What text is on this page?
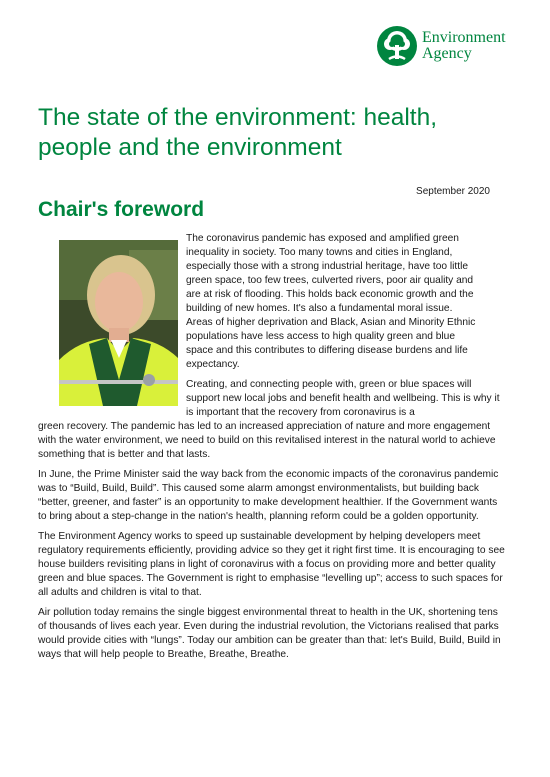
Environment
Agency
The state of the environment: health, people and the environment
September 2020
Chair's foreword

The coronavirus pandemic has exposed and amplified green inequality in society. Too many towns and cities in England, especially those with a strong industrial heritage, have too little green space, too few trees, culverted rivers, poor air quality and are at risk of flooding. This holds back economic growth and the building of new homes. It's also a fundamental moral issue. Areas of higher deprivation and Black, Asian and Minority Ethnic populations have less access to high quality green and blue space and this contributes to differing disease burdens and life expectancy.

Creating, and connecting people with, green or blue spaces will support new local jobs and benefit health and wellbeing. This is why it is important that the recovery from coronavirus is a
green recovery. The pandemic has led to an increased appreciation of nature and more engagement with the water environment, we need to build on this revitalised interest in the natural world to achieve something that is better and that lasts.

In June, the Prime Minister said the way back from the economic impacts of the coronavirus pandemic was to “Build, Build, Build”. This caused some alarm amongst environmentalists, but building back “better, greener, and faster” is an opportunity to make development healthier. If the Government wants to bring about a step-change in the nation's health, planning reform could be a golden opportunity.

The Environment Agency works to speed up sustainable development by helping developers meet regulatory requirements efficiently, providing advice so they get it right first time. It is encouraging to see house builders revisiting plans in light of coronavirus with a focus on providing more and better quality green and blue spaces. The Government is right to emphasise “levelling up”; access to such spaces for all adults and children is vital to that.

Air pollution today remains the single biggest environmental threat to health in the UK, shortening tens of thousands of lives each year. Even during the industrial revolution, the Victorians realised that parks would provide cities with “lungs”. Today our ambition can be greater than that: let's Build, Build, Build in ways that will help people to Breathe, Breathe, Breathe.
